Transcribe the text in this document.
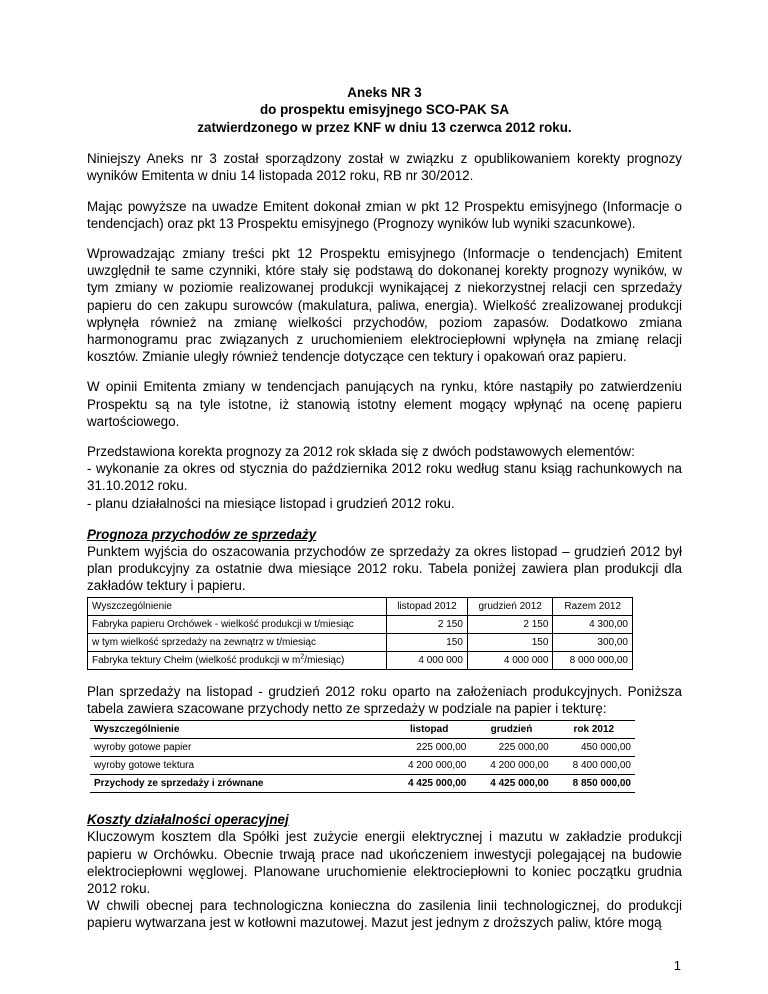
Aneks NR 3
do prospektu emisyjnego SCO-PAK SA
zatwierdzonego w przez KNF w dniu 13 czerwca 2012 roku.

Niniejszy Aneks nr 3 został sporządzony został w związku z opublikowaniem korekty prognozy wyników Emitenta w dniu 14 listopada 2012 roku, RB nr 30/2012.

Mając powyższe na uwadze Emitent dokonał zmian w pkt 12 Prospektu emisyjnego (Informacje o tendencjach) oraz pkt 13 Prospektu emisyjnego (Prognozy wyników lub wyniki szacunkowe).

Wprowadzając zmiany treści pkt 12 Prospektu emisyjnego (Informacje o tendencjach) Emitent uwzględnił te same czynniki, które stały się podstawą do dokonanej korekty prognozy wyników, w tym zmiany w poziomie realizowanej produkcji wynikającej z niekorzystnej relacji cen sprzedaży papieru do cen zakupu surowców (makulatura, paliwa, energia). Wielkość zrealizowanej produkcji wpłynęła również na zmianę wielkości przychodów, poziom zapasów. Dodatkowo zmiana harmonogramu prac związanych z uruchomieniem elektrociepłowni wpłynęła na zmianę relacji kosztów. Zmianie uległy również tendencje dotyczące cen tektury i opakowań oraz papieru.

W opinii Emitenta zmiany w tendencjach panujących na rynku, które nastąpiły po zatwierdzeniu Prospektu są na tyle istotne, iż stanowią istotny element mogący wpłynąć na ocenę papieru wartościowego.

Przedstawiona korekta prognozy za 2012 rok składa się z dwóch podstawowych elementów:

- wykonanie za okres od stycznia do października 2012 roku według stanu ksiąg rachunkowych na 31.10.2012 roku.

- planu działalności na miesiące listopad i grudzień 2012 roku.

Prognoza przychodów ze sprzedaży

Punktem wyjścia do oszacowania przychodów ze sprzedaży za okres listopad – grudzień 2012 był plan produkcyjny za ostatnie dwa miesiące 2012 roku. Tabela poniżej zawiera plan produkcji dla zakładów tektury i papieru.

Wyszczególnienie	listopad 2012	grudzień 2012	Razem 2012
Fabryka papieru Orchówek - wielkość produkcji w t/miesiąc	2 150	2 150	4 300,00
w tym wielkość sprzedaży na zewnątrz w t/miesiąc	150	150	300,00
Fabryka tektury Chełm (wielkość produkcji w $m^2/miesiąc$)	4 000 000	4 000 000	8 000 000,00

Plan sprzedaży na listopad - grudzień 2012 roku oparto na założeniach produkcyjnych. Poniższa tabela zawiera szacowane przychody netto ze sprzedaży w podziale na papier i tekturę:

Wyszczególnienie	listopad	grudzień	rok 2012
wyroby gotowe papier	225 000,00	225 000,00	450 000,00
wyroby gotowe tektura	4 200 000,00	4 200 000,00	8 400 000,00
Przychody ze sprzedaży i zrównane	4 425 000,00	4 425 000,00	8 850 000,00
Koszty działalności operacyjnej

Kluczowym kosztem dla Spółki jest zużycie energii elektrycznej i mazutu w zakładzie produkcji papieru w Orchówku. Obecnie trwają prace nad ukończeniem inwestycji polegającej na budowie elektrociepłowni węglowej. Planowane uruchomienie elektrociepłowni to koniec początku grudnia 2012 roku.

W chwili obecnej para technologiczna konieczna do zasilenia linii technologicznej, do produkcji papieru wytwarzana jest w kotłowni mazutowej. Mazut jest jednym z droższych paliw, które mogą

1
